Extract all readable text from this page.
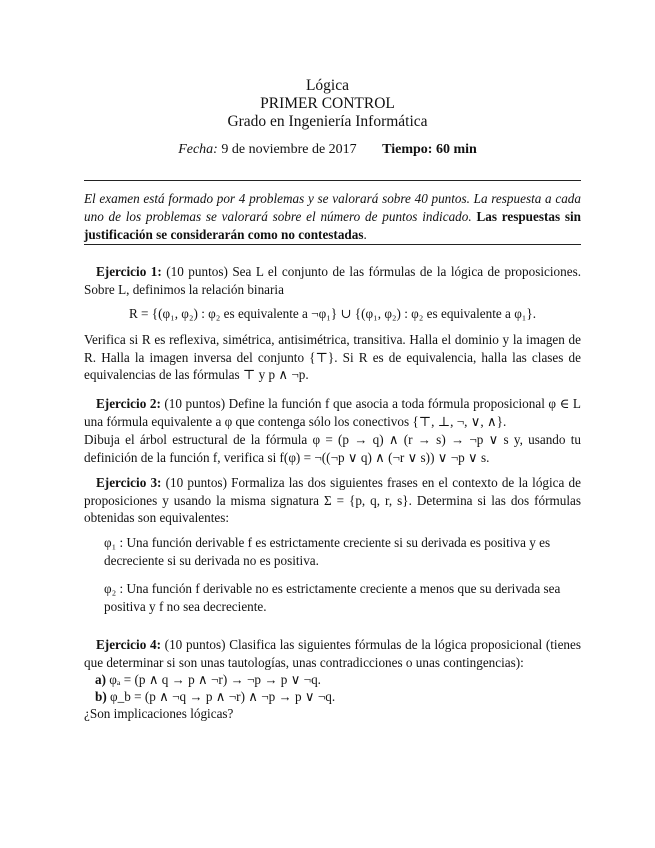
Lógica
PRIMER CONTROL
Grado en Ingeniería Informática
Fecha: 9 de noviembre de 2017 Tiempo: 60 min
El examen está formado por 4 problemas y se valorará sobre 40 puntos. La respuesta a cada uno de los problemas se valorará sobre el número de puntos indicado. Las respuestas sin justificación se considerarán como no contestadas.

Ejercicio 1: (10 puntos) Sea L el conjunto de las fórmulas de la lógica de proposiciones. Sobre L, definimos la relación binaria

R = {(φ₁, φ₂) : φ₂ es equivalente a ¬φ₁} ∪ {(φ₁, φ₂) : φ₂ es equivalente a φ₁}.

Verifica si R es reflexiva, simétrica, antisimétrica, transitiva. Halla el dominio y la imagen de R. Halla la imagen inversa del conjunto {⊤}. Si R es de equivalencia, halla las clases de equivalencias de las fórmulas ⊤ y p ∧ ¬p.

Ejercicio 2: (10 puntos) Define la función f que asocia a toda fórmula proposicional φ ∈ L una fórmula equivalente a φ que contenga sólo los conectivos {⊤, ⊥, ¬, ∨, ∧}.

Dibuja el árbol estructural de la fórmula φ = (p → q) ∧ (r → s) → ¬p ∨ s y, usando tu definición de la función f, verifica si f(φ) = ¬((¬p ∨ q) ∧ (¬r ∨ s)) ∨ ¬p ∨ s.

Ejercicio 3: (10 puntos) Formaliza las dos siguientes frases en el contexto de la lógica de proposiciones y usando la misma signatura Σ = {p, q, r, s}. Determina si las dos fórmulas obtenidas son equivalentes:

φ₁ : Una función derivable f es estrictamente creciente si su derivada es positiva y es decreciente si su derivada no es positiva.
φ₂ : Una función f derivable no es estrictamente creciente a menos que su derivada sea positiva y f no sea decreciente.

Ejercicio 4: (10 puntos) Clasifica las siguientes fórmulas de la lógica proposicional (tienes que determinar si son unas tautologías, unas contradicciones o unas contingencias):

a) φₐ = (p ∧ q → p ∧ ¬r) → ¬p → p ∨ ¬q.
b) φ_b = (p ∧ ¬q → p ∧ ¬r) ∧ ¬p → p ∨ ¬q.

¿Son implicaciones lógicas?
